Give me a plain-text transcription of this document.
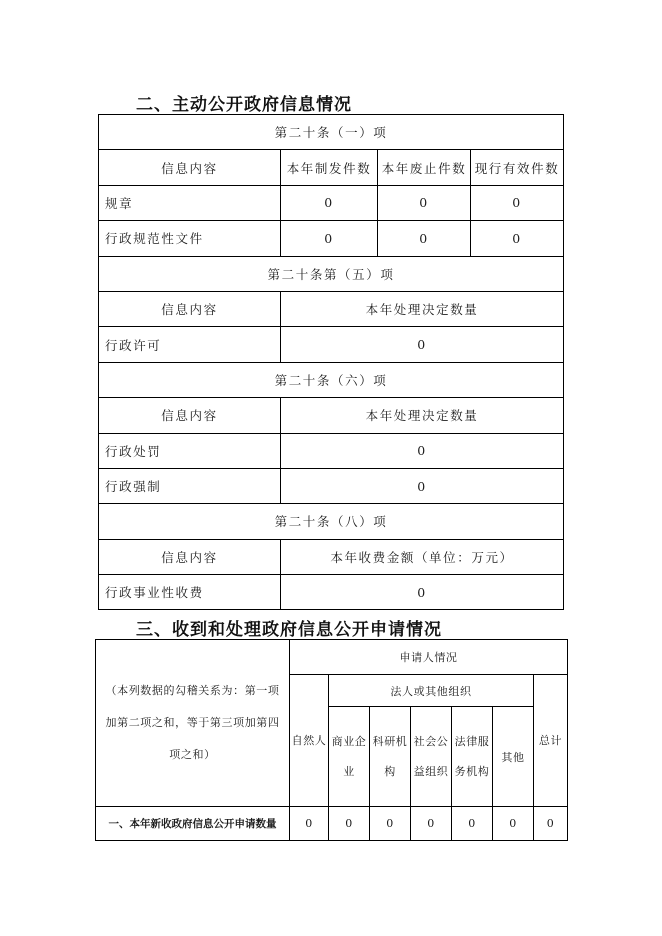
二、主动公开政府信息情况
第二十条（一）项			
信息内容	本年制发件数	本年废止件数	现行有效件数
规章	0	0	0
行政规范性文件	0	0	0
第二十条第（五）项			
信息内容	本年处理决定数量		
行政许可	0		
第二十条（六）项			
信息内容	本年处理决定数量		
行政处罚	0		
行政强制	0		
第二十条（八）项			
信息内容	本年收费金额（单位：万元）		
行政事业性收费	0		
三、收到和处理政府信息公开申请情况
（本列数据的勾稽关系为：第一项加第二项之和，等于第三项加第四项之和）	申请人情况						
	自然人	法人或其他组织					总计
		商业企业	科研机构	社会公益组织	法律服务机构	其他	
一、本年新收政府信息公开申请数量	0	0	0	0	0	0	0
